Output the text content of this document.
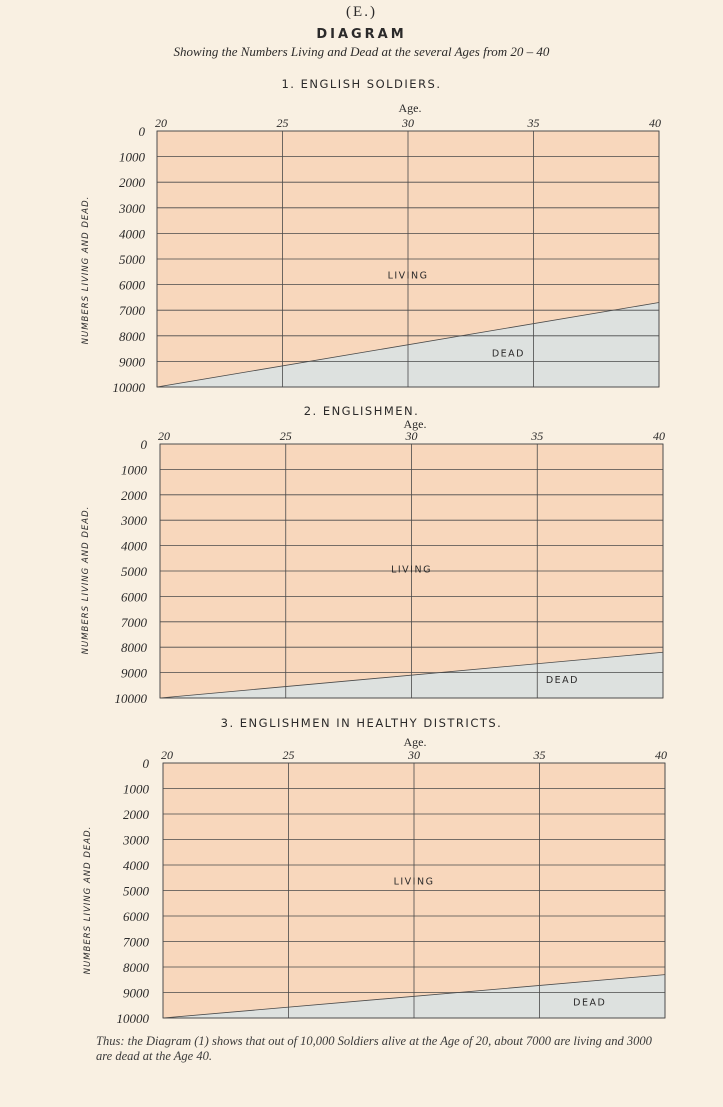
(E.)
DIAGRAM
Showing the Numbers Living and Dead at the several Ages from 20 – 40
1. ENGLISH SOLDIERS.
Age.
0
1000
2000
3000
4000
5000
6000
7000
8000
9000
10000
20	25	30	35	40
LIVING
DEAD
NUMBERS LIVING AND DEAD.
2. ENGLISHMEN.
Age.
0
1000
2000
3000
4000
5000
6000
7000
8000
9000
10000
20	25	30	35	40
LIVING
DEAD
NUMBERS LIVING AND DEAD.
3. ENGLISHMEN IN HEALTHY DISTRICTS.
Age.
0
1000
2000
3000
4000
5000
6000
7000
8000
9000
10000
20	25	30	35	40
LIVING
DEAD
NUMBERS LIVING AND DEAD.
Thus: the Diagram (1) shows that out of 10,000 Soldiers alive at the Age of 20, about 7000 are living and 3000 are dead at the Age 40.
